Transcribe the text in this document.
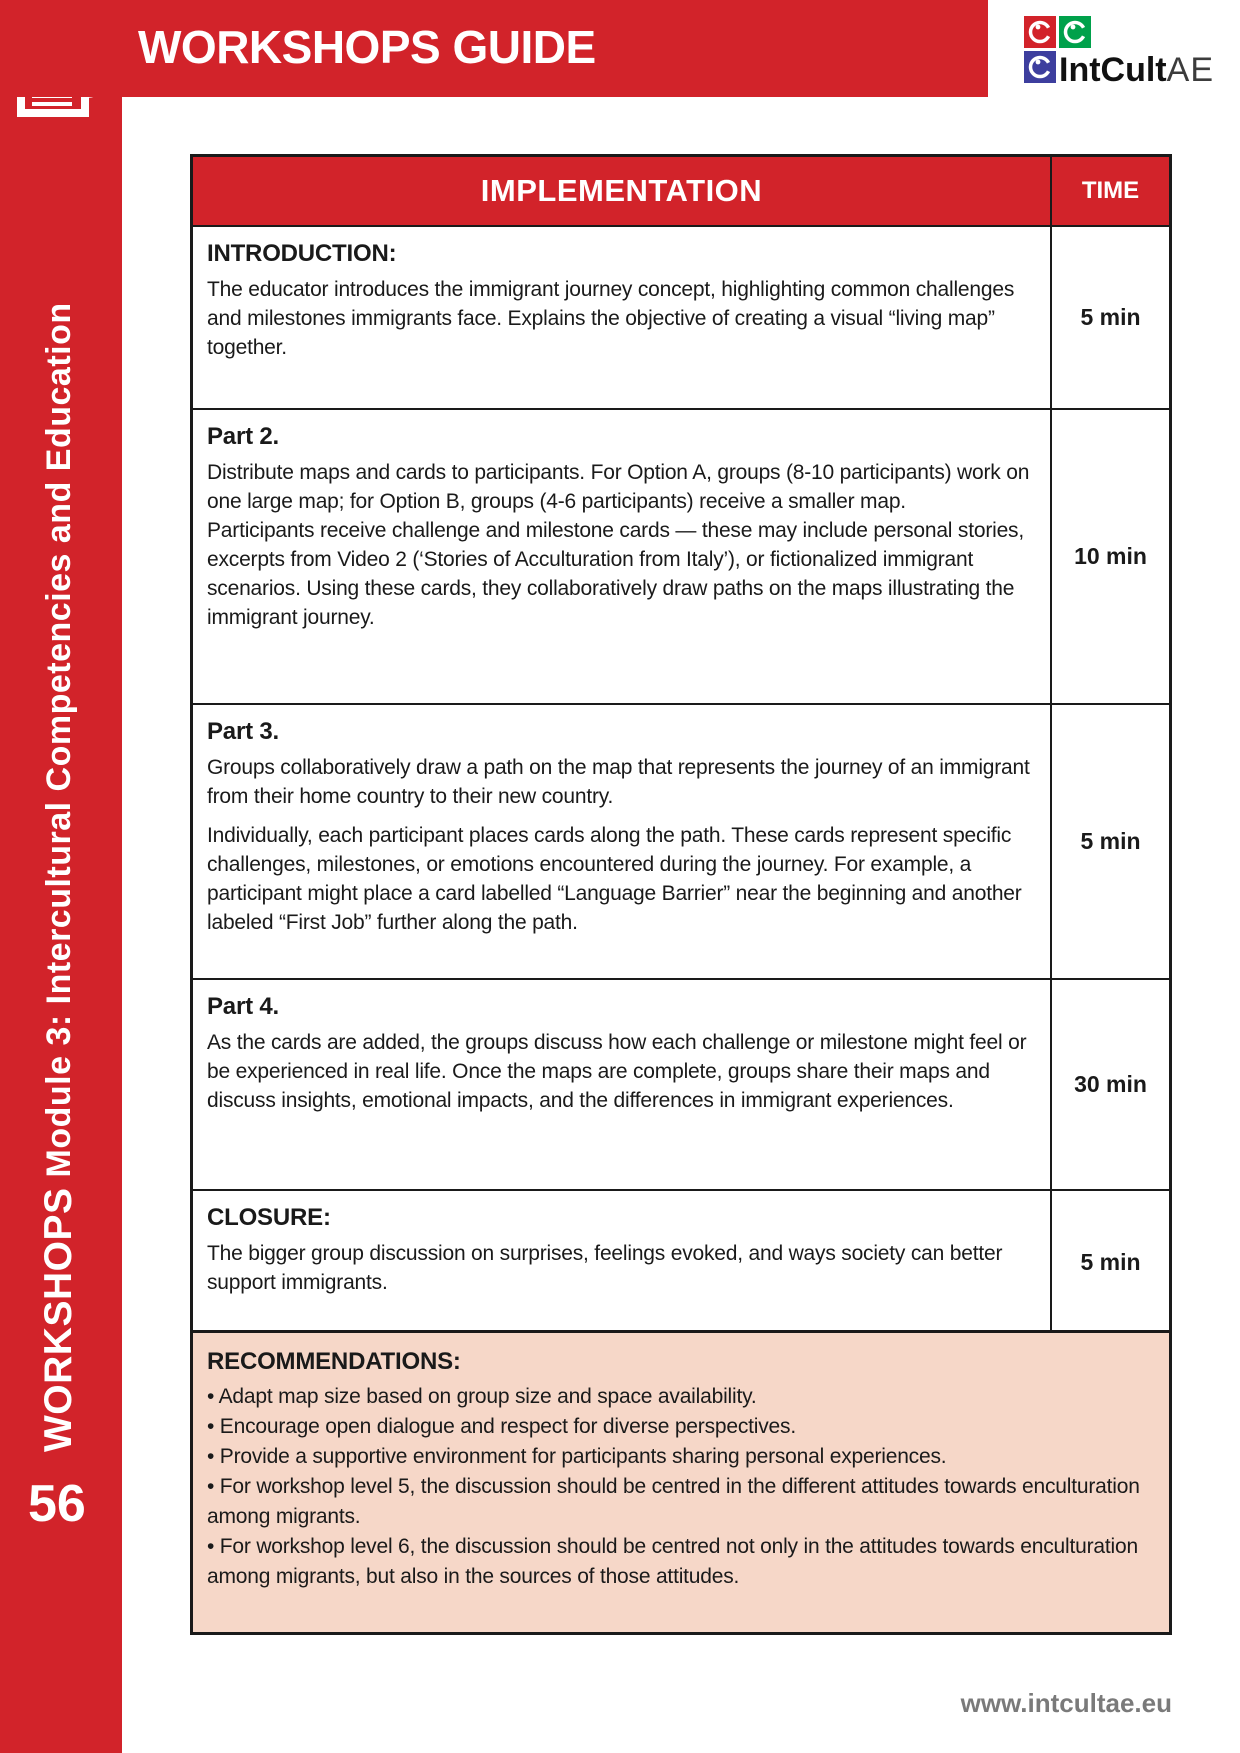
WORKSHOPS
Module 3: Intercultural Competencies and Education
56
WORKSHOPS GUIDE	IntCultAE
IMPLEMENTATION	TIME
INTRODUCTION:

The educator introduces the immigrant journey concept, highlighting common challenges and milestones immigrants face. Explains the objective of creating a visual “living map” together.

5 min
Part 2.

Distribute maps and cards to participants. For Option A, groups (8-10 participants) work on one large map; for Option B, groups (4-6 participants) receive a smaller map.

Participants receive challenge and milestone cards — these may include personal stories, excerpts from Video 2 (‘Stories of Acculturation from Italy’), or fictionalized immigrant scenarios. Using these cards, they collaboratively draw paths on the maps illustrating the immigrant journey.

10 min
Part 3.

Groups collaboratively draw a path on the map that represents the journey of an immigrant from their home country to their new country.

Individually, each participant places cards along the path. These cards represent specific challenges, milestones, or emotions encountered during the journey. For example, a participant might place a card labelled “Language Barrier” near the beginning and another labeled “First Job” further along the path.

5 min
Part 4.

As the cards are added, the groups discuss how each challenge or milestone might feel or be experienced in real life. Once the maps are complete, groups share their maps and discuss insights, emotional impacts, and the differences in immigrant experiences.

30 min
CLOSURE:

The bigger group discussion on surprises, feelings evoked, and ways society can better support immigrants.

5 min
RECOMMENDATIONS:
• Adapt map size based on group size and space availability.
• Encourage open dialogue and respect for diverse perspectives.
• Provide a supportive environment for participants sharing personal experiences.
• For workshop level 5, the discussion should be centred in the different attitudes towards enculturation among migrants.
• For workshop level 6, the discussion should be centred not only in the attitudes towards enculturation among migrants, but also in the sources of those attitudes.
www.intcultae.eu
